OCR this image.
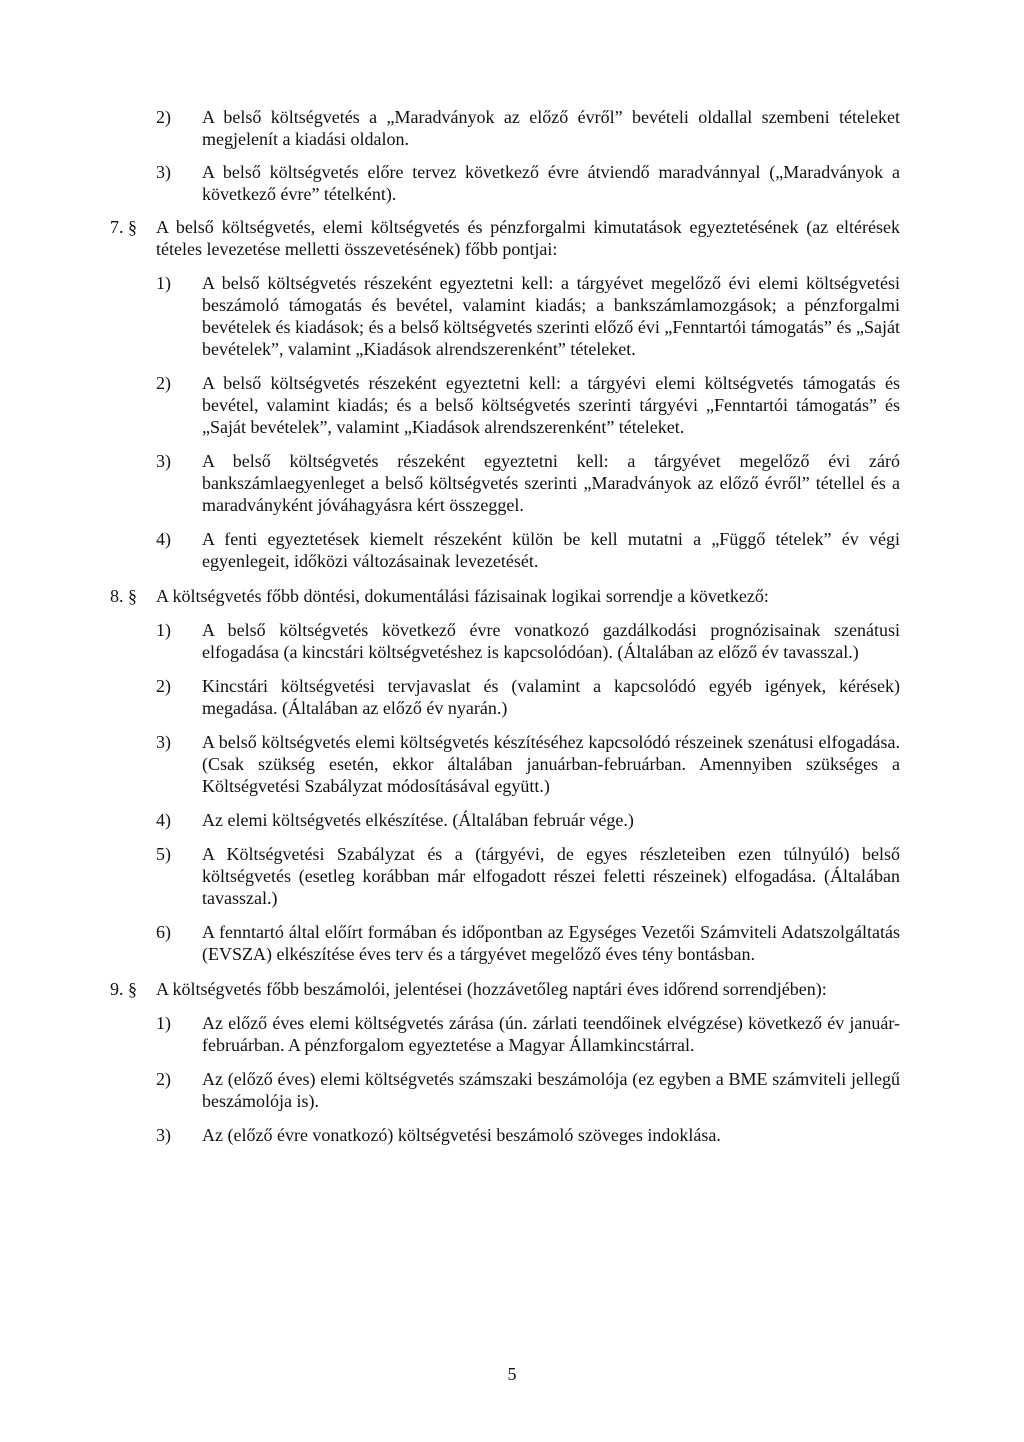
2)	A belső költségvetés a „Maradványok az előző évről” bevételi oldallal szembeni tételeket megjelenít a kiadási oldalon.

3)	A belső költségvetés előre tervez következő évre átviendő maradvánnyal („Maradványok a következő évre” tételként).

7. §	A belső költségvetés, elemi költségvetés és pénzforgalmi kimutatások egyeztetésének (az eltérések tételes levezetése melletti összevetésének) főbb pontjai:

1)	A belső költségvetés részeként egyeztetni kell: a tárgyévet megelőző évi elemi költségvetési beszámoló támogatás és bevétel, valamint kiadás; a bankszámlamozgások; a pénzforgalmi bevételek és kiadások; és a belső költségvetés szerinti előző évi „Fenntartói támogatás” és „Saját bevételek”, valamint „Kiadások alrendszerenként” tételeket.

2)	A belső költségvetés részeként egyeztetni kell: a tárgyévi elemi költségvetés támogatás és bevétel, valamint kiadás; és a belső költségvetés szerinti tárgyévi „Fenntartói támogatás” és „Saját bevételek”, valamint „Kiadások alrendszerenként” tételeket.

3)	A belső költségvetés részeként egyeztetni kell: a tárgyévet megelőző évi záró bankszámlaegyenleget a belső költségvetés szerinti „Maradványok az előző évről” tétellel és a maradványként jóváhagyásra kért összeggel.

4)	A fenti egyeztetések kiemelt részeként külön be kell mutatni a „Függő tételek” év végi egyenlegeit, időközi változásainak levezetését.

8. §	A költségvetés főbb döntési, dokumentálási fázisainak logikai sorrendje a következő:

1)	A belső költségvetés következő évre vonatkozó gazdálkodási prognózisainak szenátusi elfogadása (a kincstári költségvetéshez is kapcsolódóan). (Általában az előző év tavasszal.)

2)	Kincstári költségvetési tervjavaslat és (valamint a kapcsolódó egyéb igények, kérések) megadása. (Általában az előző év nyarán.)

3)	A belső költségvetés elemi költségvetés készítéséhez kapcsolódó részeinek szenátusi elfogadása. (Csak szükség esetén, ekkor általában januárban-februárban. Amennyiben szükséges a Költségvetési Szabályzat módosításával együtt.)

4)	Az elemi költségvetés elkészítése. (Általában február vége.)

5)	A Költségvetési Szabályzat és a (tárgyévi, de egyes részleteiben ezen túlnyúló) belső költségvetés (esetleg korábban már elfogadott részei feletti részeinek) elfogadása. (Általában tavasszal.)

6)	A fenntartó által előírt formában és időpontban az Egységes Vezetői Számviteli Adatszolgáltatás (EVSZA) elkészítése éves terv és a tárgyévet megelőző éves tény bontásban.

9. §	A költségvetés főbb beszámolói, jelentései (hozzávetőleg naptári éves időrend sorrendjében):

1)	Az előző éves elemi költségvetés zárása (ún. zárlati teendőinek elvégzése) következő év január-februárban. A pénzforgalom egyeztetése a Magyar Államkincstárral.

2)	Az (előző éves) elemi költségvetés számszaki beszámolója (ez egyben a BME számviteli jellegű beszámolója is).

3)	Az (előző évre vonatkozó) költségvetési beszámoló szöveges indoklása.

5
